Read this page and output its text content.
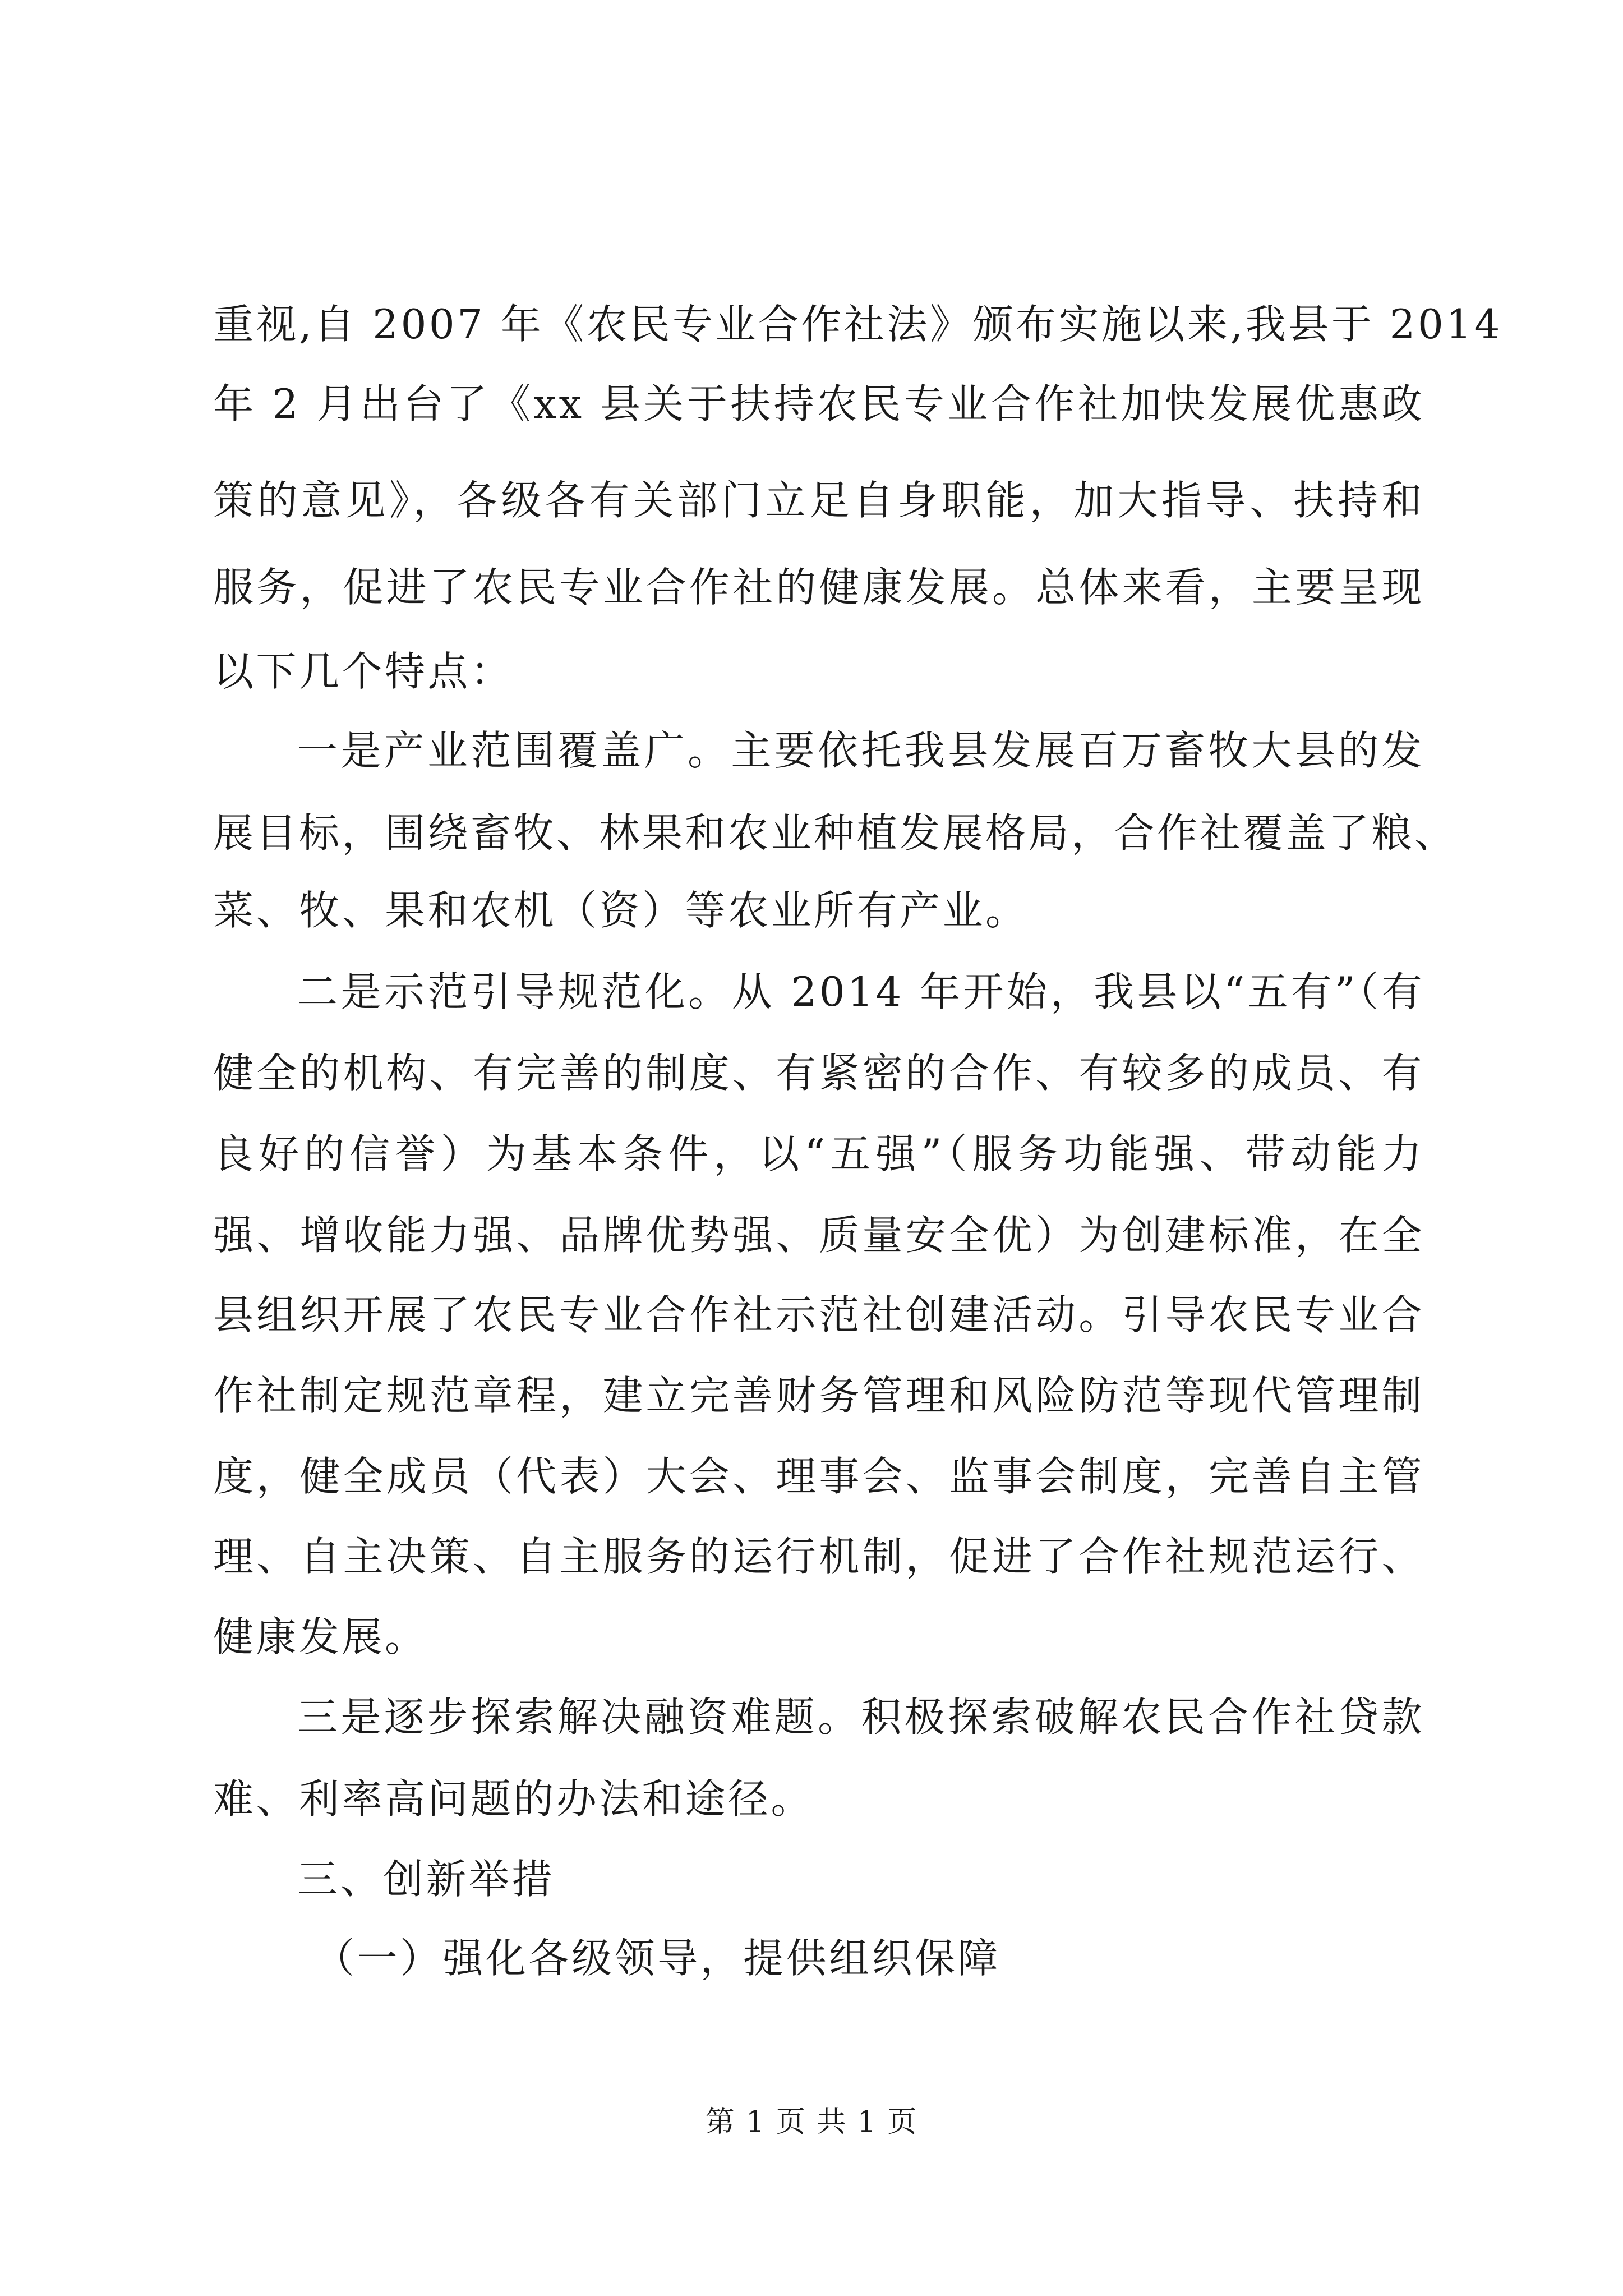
重视,自 2007 年《农民专业合作社法》颁布实施以来,我县于 2014
年 2 月出台了《xx 县关于扶持农民专业合作社加快发展优惠政
策的意见》，各级各有关部门立足自身职能，加大指导、扶持和
服务，促进了农民专业合作社的健康发展。总体来看，主要呈现
以下几个特点：
一是产业范围覆盖广。主要依托我县发展百万畜牧大县的发
展目标，围绕畜牧、林果和农业种植发展格局，合作社覆盖了粮、
菜、牧、果和农机（资）等农业所有产业。
二是示范引导规范化。从 2014 年开始，我县以“五有”（有
健全的机构、有完善的制度、有紧密的合作、有较多的成员、有
良好的信誉）为基本条件，以“五强”（服务功能强、带动能力
强、增收能力强、品牌优势强、质量安全优）为创建标准，在全
县组织开展了农民专业合作社示范社创建活动。引导农民专业合
作社制定规范章程，建立完善财务管理和风险防范等现代管理制
度，健全成员（代表）大会、理事会、监事会制度，完善自主管
理、自主决策、自主服务的运行机制，促进了合作社规范运行、
健康发展。
三是逐步探索解决融资难题。积极探索破解农民合作社贷款
难、利率高问题的办法和途径。
三、创新举措
（一）强化各级领导，提供组织保障
第 1 页 共 1 页
